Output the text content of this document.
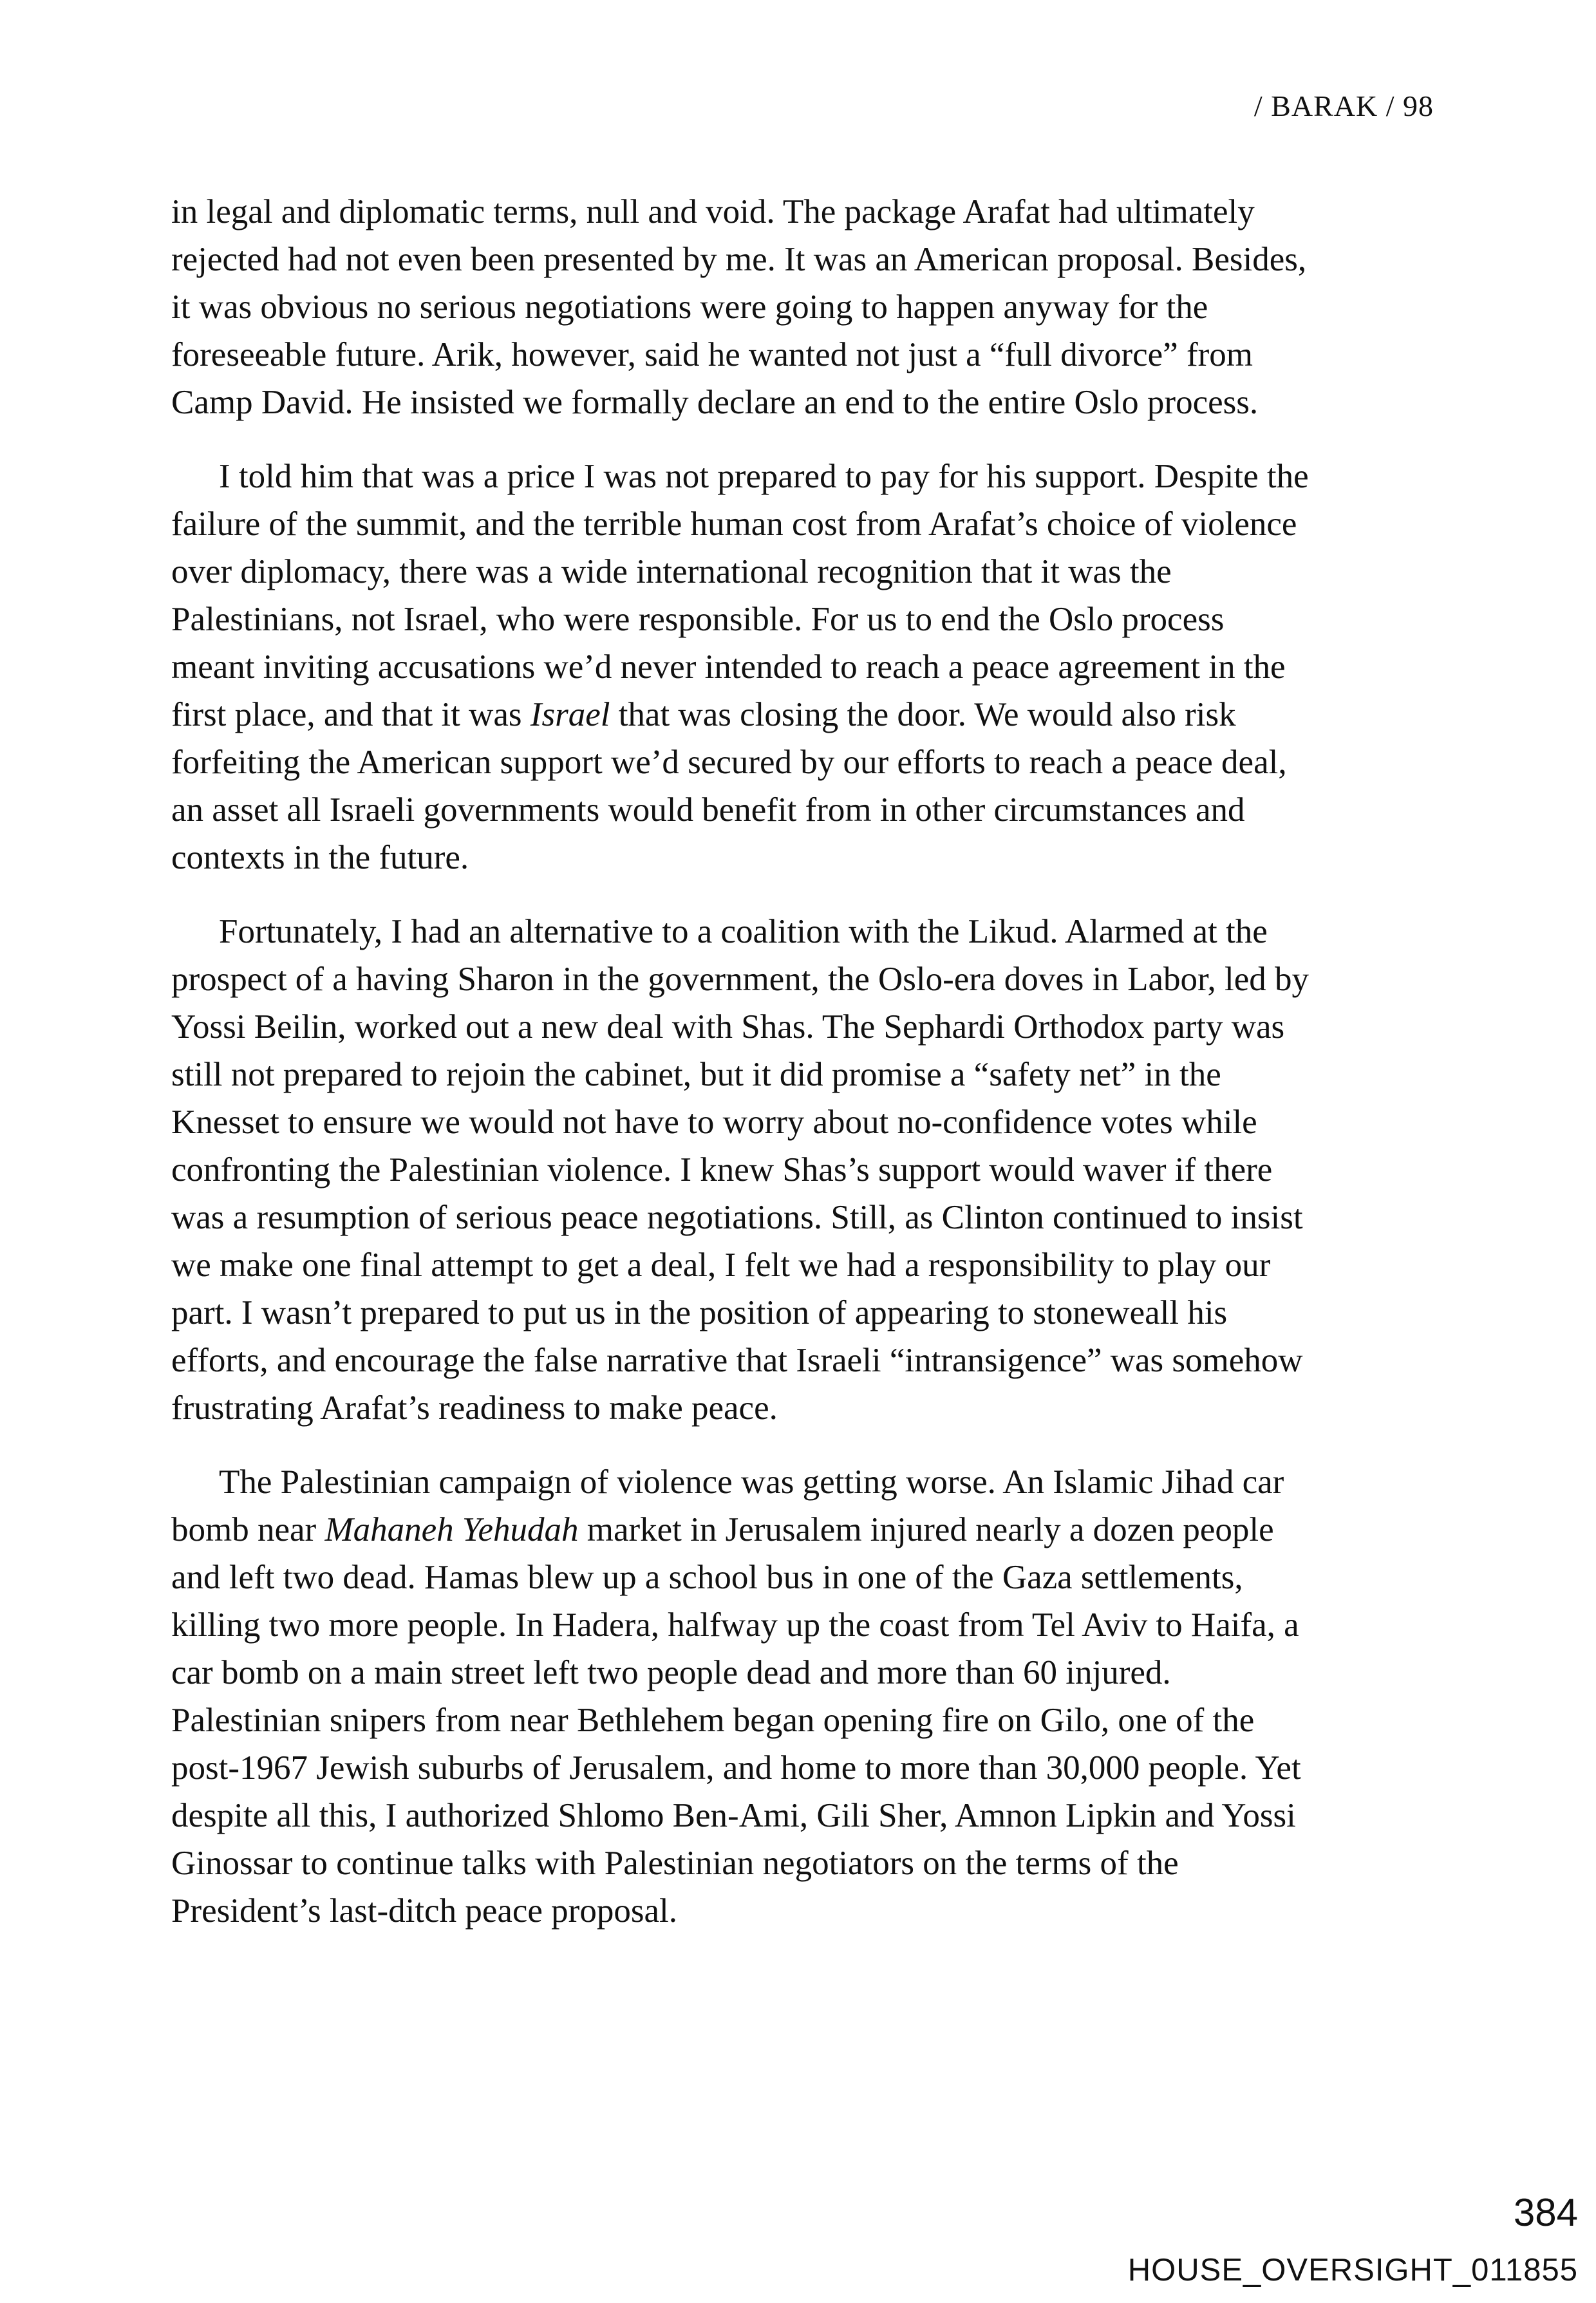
/ BARAK / 98
in legal and diplomatic terms, null and void. The package Arafat had ultimately
rejected had not even been presented by me. It was an American proposal. Besides,
it was obvious no serious negotiations were going to happen anyway for the
foreseeable future. Arik, however, said he wanted not just a “full divorce” from
Camp David. He insisted we formally declare an end to the entire Oslo process.
I told him that was a price I was not prepared to pay for his support. Despite the
failure of the summit, and the terrible human cost from Arafat’s choice of violence
over diplomacy, there was a wide international recognition that it was the
Palestinians, not Israel, who were responsible. For us to end the Oslo process
meant inviting accusations we’d never intended to reach a peace agreement in the
first place, and that it was Israel that was closing the door. We would also risk
forfeiting the American support we’d secured by our efforts to reach a peace deal,
an asset all Israeli governments would benefit from in other circumstances and
contexts in the future.
Fortunately, I had an alternative to a coalition with the Likud. Alarmed at the
prospect of a having Sharon in the government, the Oslo-era doves in Labor, led by
Yossi Beilin, worked out a new deal with Shas. The Sephardi Orthodox party was
still not prepared to rejoin the cabinet, but it did promise a “safety net” in the
Knesset to ensure we would not have to worry about no-confidence votes while
confronting the Palestinian violence. I knew Shas’s support would waver if there
was a resumption of serious peace negotiations. Still, as Clinton continued to insist
we make one final attempt to get a deal, I felt we had a responsibility to play our
part. I wasn’t prepared to put us in the position of appearing to stoneweall his
efforts, and encourage the false narrative that Israeli “intransigence” was somehow
frustrating Arafat’s readiness to make peace.
The Palestinian campaign of violence was getting worse. An Islamic Jihad car
bomb near Mahaneh Yehudah market in Jerusalem injured nearly a dozen people
and left two dead. Hamas blew up a school bus in one of the Gaza settlements,
killing two more people. In Hadera, halfway up the coast from Tel Aviv to Haifa, a
car bomb on a main street left two people dead and more than 60 injured.
Palestinian snipers from near Bethlehem began opening fire on Gilo, one of the
post-1967 Jewish suburbs of Jerusalem, and home to more than 30,000 people. Yet
despite all this, I authorized Shlomo Ben-Ami, Gili Sher, Amnon Lipkin and Yossi
Ginossar to continue talks with Palestinian negotiators on the terms of the
President’s last-ditch peace proposal.
384
HOUSE_OVERSIGHT_011855
